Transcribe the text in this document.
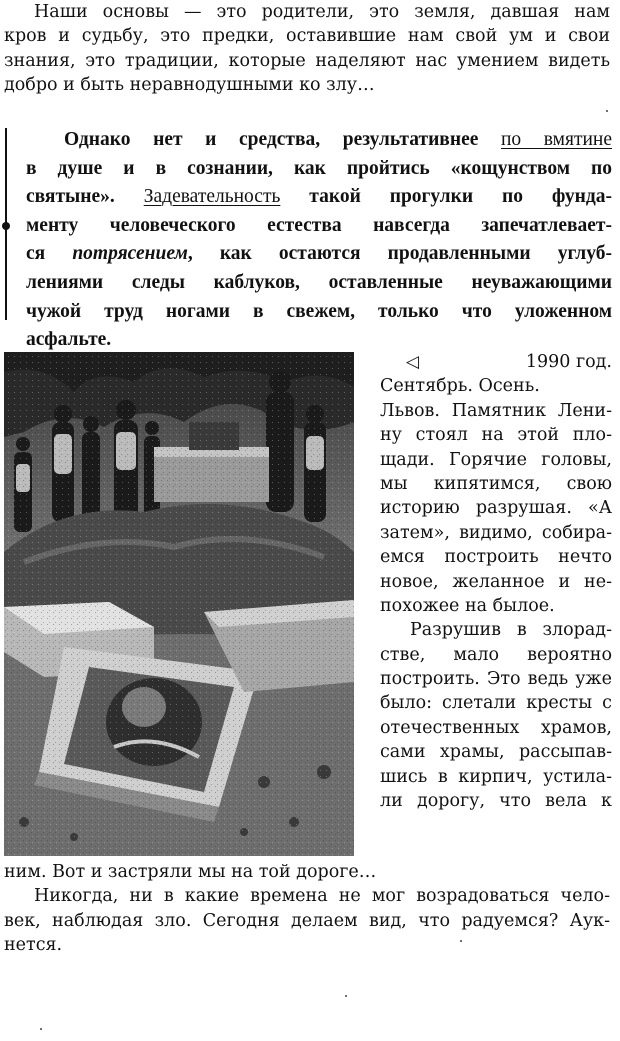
Наши основы — это родители, это земля, давшая нам
кров и судьбу, это предки, оставившие нам свой ум и свои
знания, это традиции, которые наделяют нас умением видеть
добро и быть неравнодушными ко злу…
Однако нет и средства, результативнее по вмятине
в душе и в сознании, как пройтись «кощунством по
святыне». Задевательность такой прогулки по фунда-
менту человеческого естества навсегда запечатлевает-
ся потрясением, как остаются продавленными углуб-
лениями следы каблуков, оставленные неуважающими
чужой труд ногами в свежем, только что уложенном
асфальте.
◁	1990 год.
Сентябрь. Осень.
Львов. Памятник Лени-
ну стоял на этой пло-
щади. Горячие головы,
мы кипятимся, свою
историю разрушая. «А
затем», видимо, собира-
емся построить нечто
новое, желанное и не-
похожее на былое.
Разрушив в злорад-
стве, мало вероятно
построить. Это ведь уже
было: слетали кресты с
отечественных храмов,
сами храмы, рассыпав-
шись в кирпич, устила-
ли дорогу, что вела к
ним. Вот и застряли мы на той дороге…
Никогда, ни в какие времена не мог возрадоваться чело-
век, наблюдая зло. Сегодня делаем вид, что радуемся? Аук-
нется.
